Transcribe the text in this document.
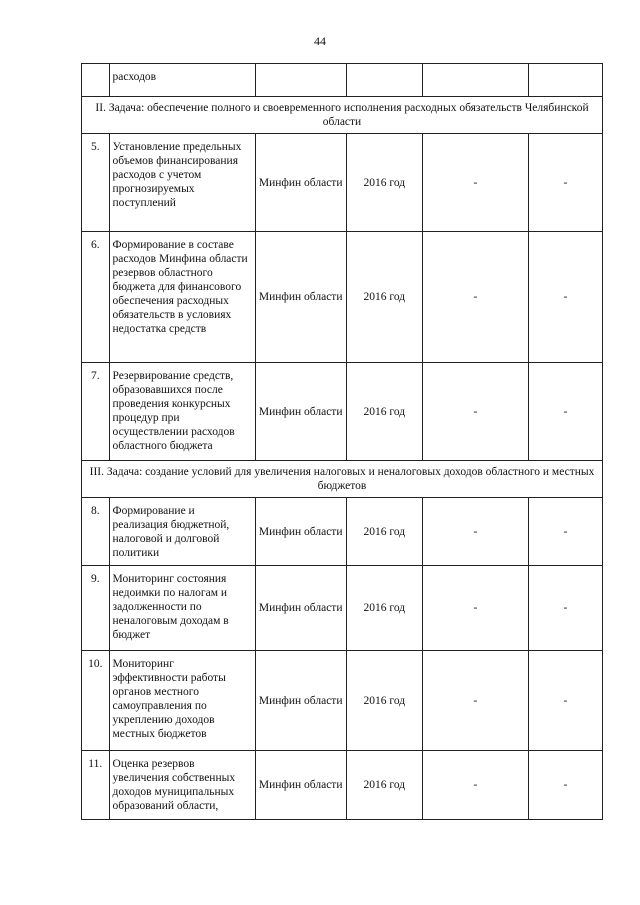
44
	расходов				
II. Задача: обеспечение полного и своевременного исполнения расходных обязательств Челябинской области					
5.	Установление предельных объемов финансирования расходов с учетом прогнозируемых поступлений	Минфин области	2016 год	-	-
6.	Формирование в составе расходов Минфина области резервов областного бюджета для финансового обеспечения расходных обязательств в условиях недостатка средств	Минфин области	2016 год	-	-
7.	Резервирование средств, образовавшихся после проведения конкурсных процедур при осуществлении расходов областного бюджета	Минфин области	2016 год	-	-
III. Задача: создание условий для увеличения налоговых и неналоговых доходов областного и местных бюджетов					
8.	Формирование и реализация бюджетной, налоговой и долговой политики	Минфин области	2016 год	-	-
9.	Мониторинг состояния недоимки по налогам и задолженности по неналоговым доходам в бюджет	Минфин области	2016 год	-	-
10.	Мониторинг эффективности работы органов местного самоуправления по укреплению доходов местных бюджетов	Минфин области	2016 год	-	-
11.	Оценка резервов увеличения собственных доходов муниципальных образований области,	Минфин области	2016 год	-	-
